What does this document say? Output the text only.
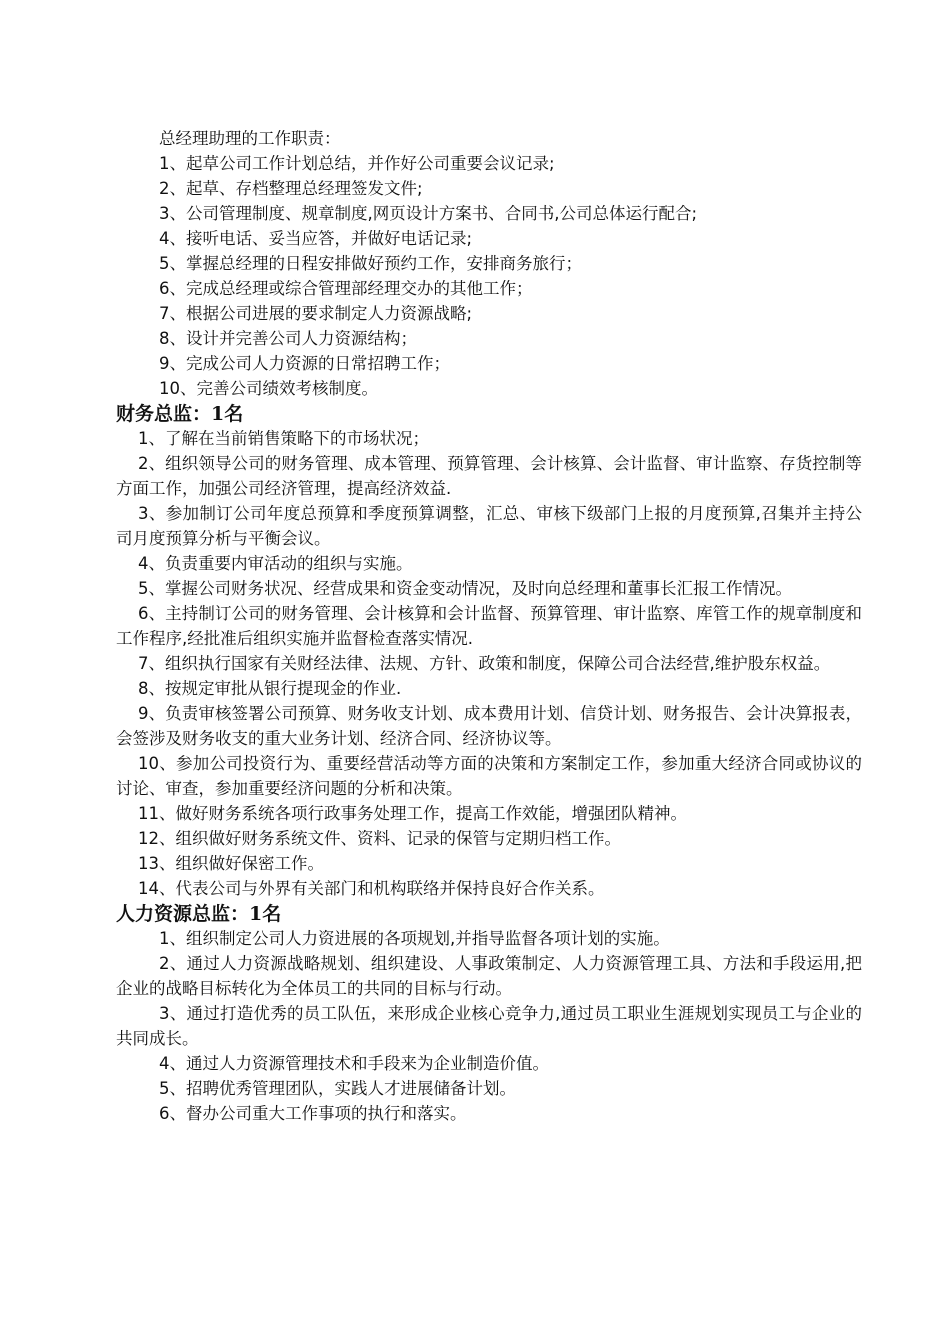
总经理助理的工作职责：
1、起草公司工作计划总结，并作好公司重要会议记录;
2、起草、存档整理总经理签发文件;
3、公司管理制度、规章制度,网页设计方案书、合同书,公司总体运行配合;
4、接听电话、妥当应答，并做好电话记录;
5、掌握总经理的日程安排做好预约工作，安排商务旅行；
6、完成总经理或综合管理部经理交办的其他工作；
7、根据公司进展的要求制定人力资源战略;
8、设计并完善公司人力资源结构；
9、完成公司人力资源的日常招聘工作；
10、完善公司绩效考核制度。
财务总监：1名
1、了解在当前销售策略下的市场状况；
2、组织领导公司的财务管理、成本管理、预算管理、会计核算、会计监督、审计监察、存货控制等方面工作，加强公司经济管理，提高经济效益.
3、参加制订公司年度总预算和季度预算调整，汇总、审核下级部门上报的月度预算,召集并主持公司月度预算分析与平衡会议。
4、负责重要内审活动的组织与实施。
5、掌握公司财务状况、经营成果和资金变动情况，及时向总经理和董事长汇报工作情况。
6、主持制订公司的财务管理、会计核算和会计监督、预算管理、审计监察、库管工作的规章制度和工作程序,经批准后组织实施并监督检查落实情况.
7、组织执行国家有关财经法律、法规、方针、政策和制度，保障公司合法经营,维护股东权益。
8、按规定审批从银行提现金的作业.
9、负责审核签署公司预算、财务收支计划、成本费用计划、信贷计划、财务报告、会计决算报表，会签涉及财务收支的重大业务计划、经济合同、经济协议等。
10、参加公司投资行为、重要经营活动等方面的决策和方案制定工作，参加重大经济合同或协议的讨论、审查，参加重要经济问题的分析和决策。
11、做好财务系统各项行政事务处理工作，提高工作效能，增强团队精神。
12、组织做好财务系统文件、资料、记录的保管与定期归档工作。
13、组织做好保密工作。
14、代表公司与外界有关部门和机构联络并保持良好合作关系。
人力资源总监：1名
1、组织制定公司人力资进展的各项规划,并指导监督各项计划的实施。
2、通过人力资源战略规划、组织建设、人事政策制定、人力资源管理工具、方法和手段运用,把企业的战略目标转化为全体员工的共同的目标与行动。
3、通过打造优秀的员工队伍，来形成企业核心竞争力,通过员工职业生涯规划实现员工与企业的共同成长。
4、通过人力资源管理技术和手段来为企业制造价值。
5、招聘优秀管理团队，实践人才进展储备计划。
6、督办公司重大工作事项的执行和落实。
